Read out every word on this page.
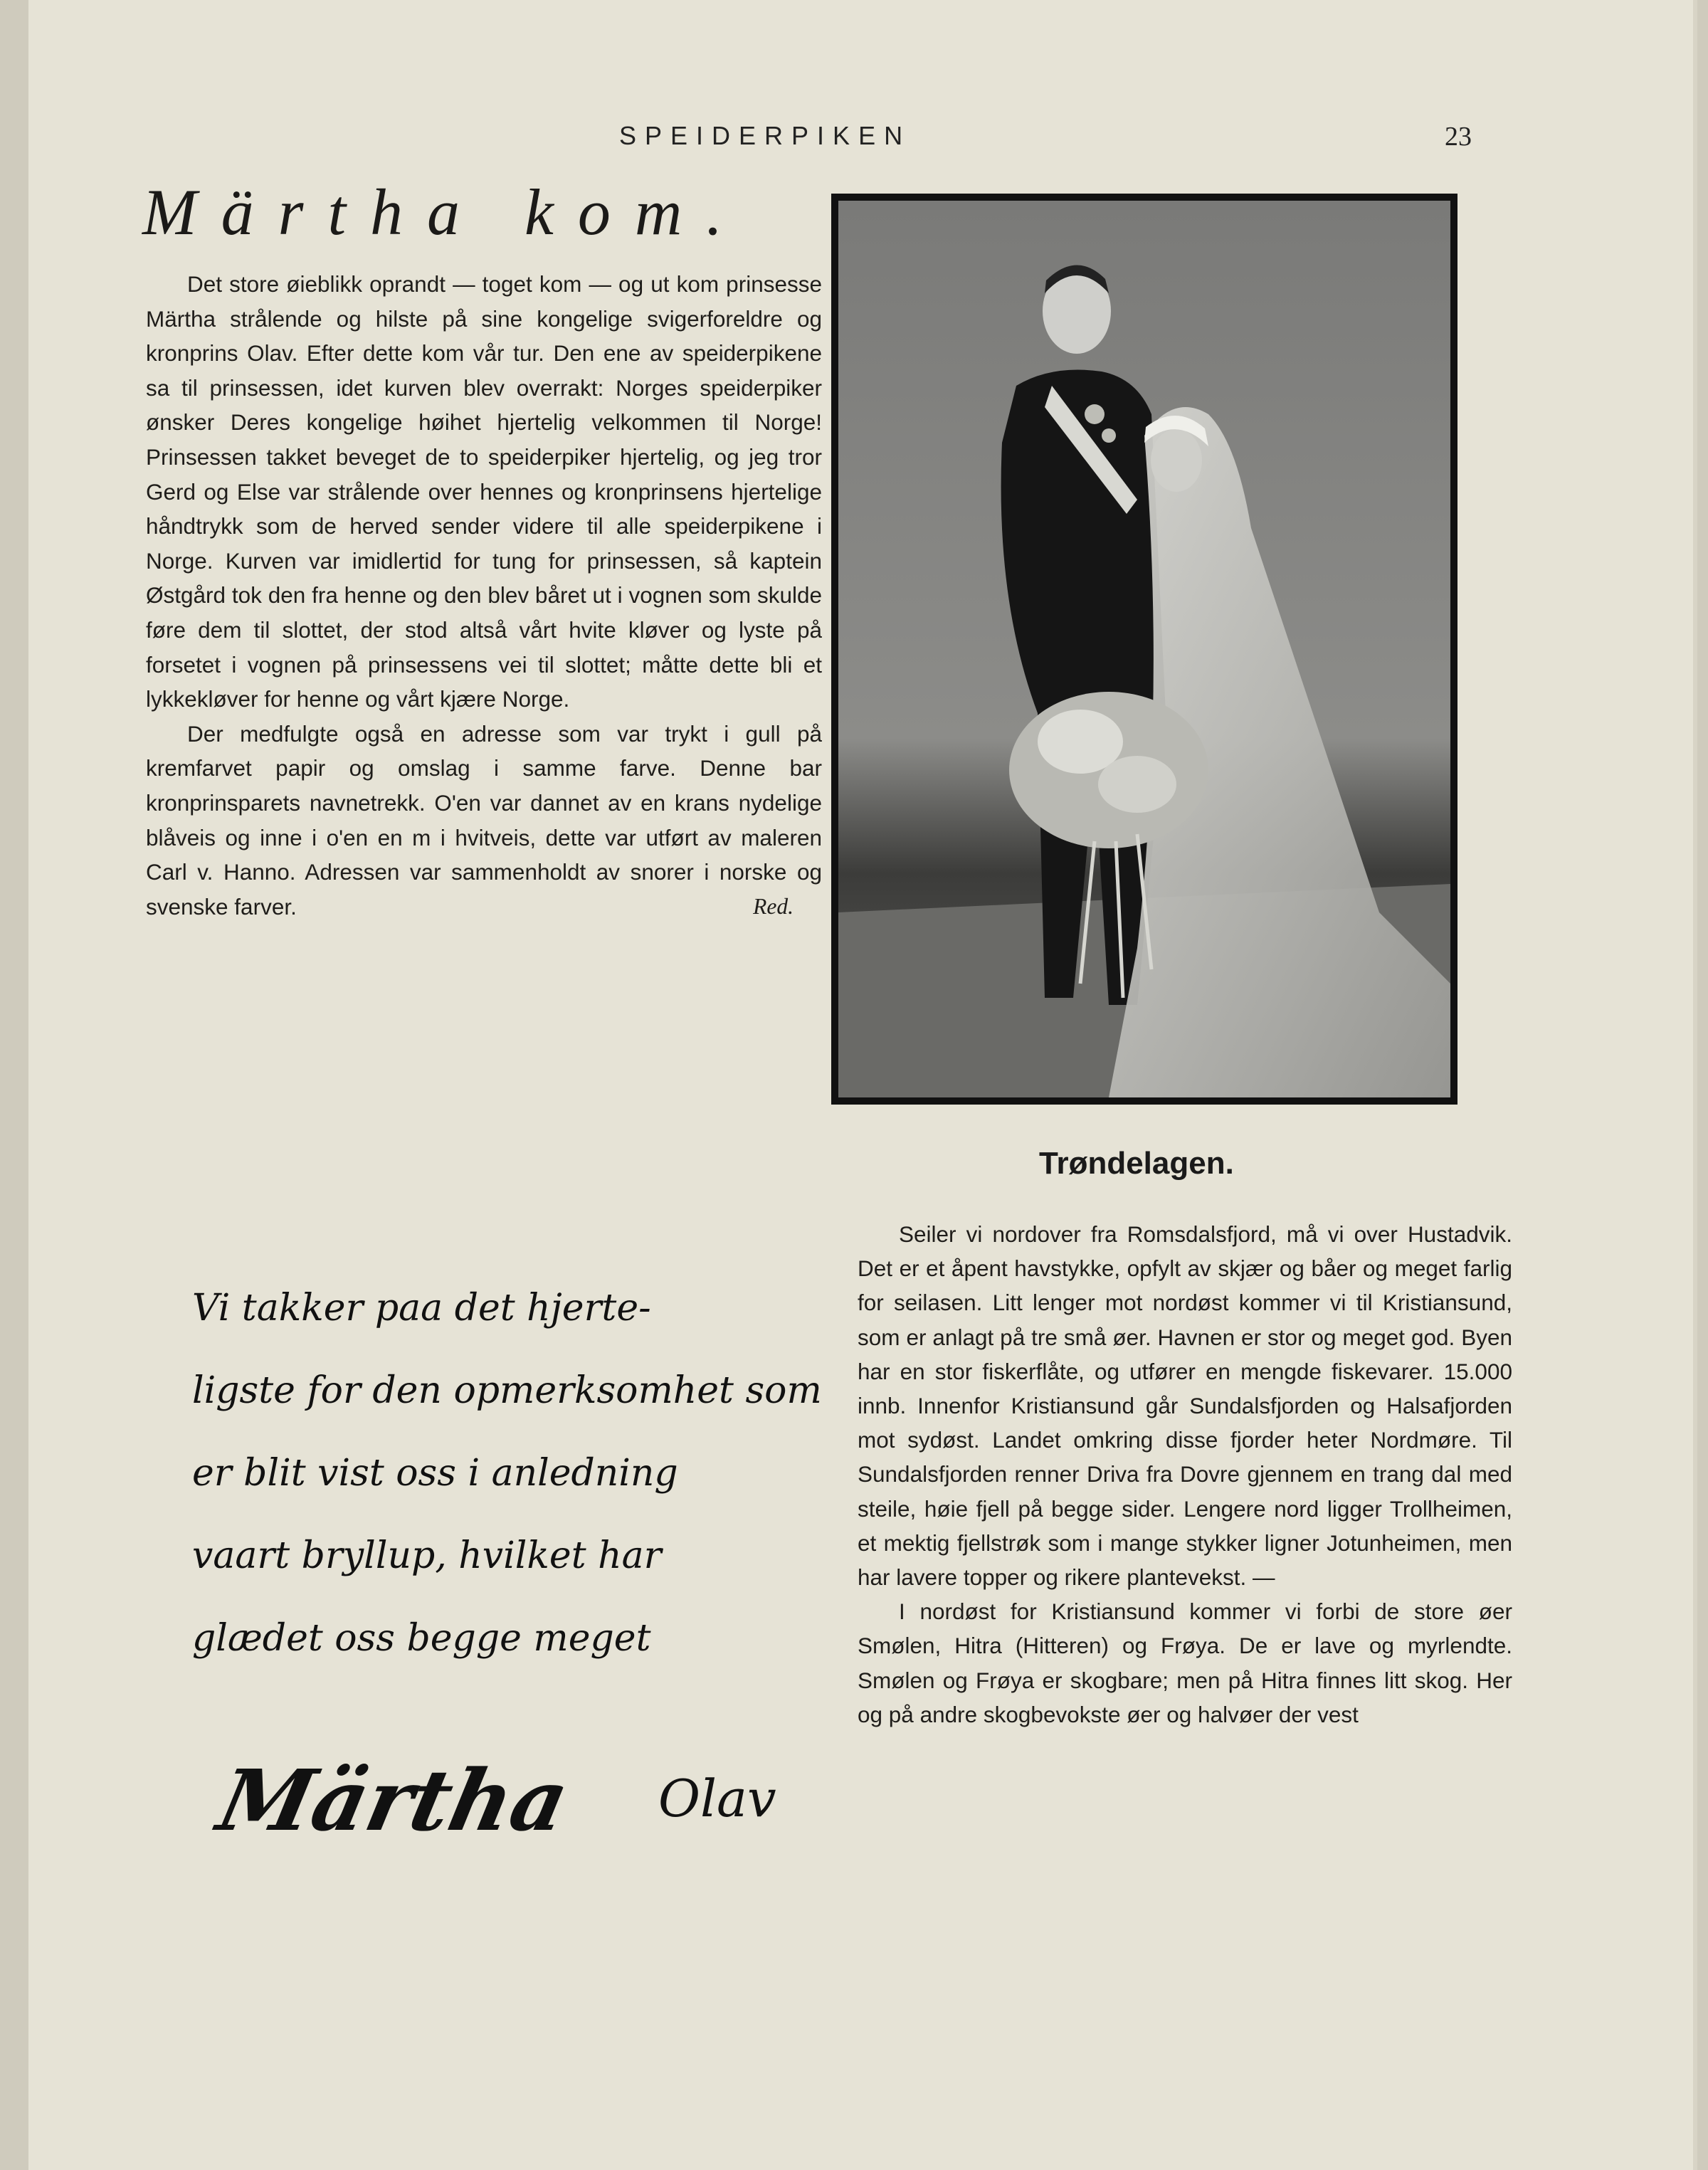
SPEIDERPIKEN	23
Märtha kom.

Det store øieblikk oprandt — toget kom — og ut kom prinsesse Märtha strålende og hilste på sine kongelige svigerforeldre og kronprins Olav. Efter dette kom vår tur. Den ene av speiderpikene sa til prinsessen, idet kurven blev overrakt: Norges speiderpiker ønsker Deres kongelige høihet hjertelig velkommen til Norge! Prinsessen takket beveget de to speiderpiker hjertelig, og jeg tror Gerd og Else var strålende over hennes og kronprinsens hjertelige håndtrykk som de herved sender videre til alle speiderpikene i Norge. Kurven var imidlertid for tung for prinsessen, så kaptein Østgård tok den fra henne og den blev båret ut i vognen som skulde føre dem til slottet, der stod altså vårt hvite kløver og lyste på forsetet i vognen på prinsessens vei til slottet; måtte dette bli et lykkekløver for henne og vårt kjære Norge.

Der medfulgte også en adresse som var trykt i gull på kremfarvet papir og omslag i samme farve. Denne bar kronprinsparets navnetrekk. O'en var dannet av en krans nydelige blåveis og inne i o'en en m i hvitveis, dette var utført av maleren Carl v. Hanno. Adressen var sammenholdt av snorer i norske og svenske farver.	Red.

Vi takker paa det hjerte-
ligste for den opmerksomhet som
er blit vist oss i anledning
vaart bryllup, hvilket har
glædet oss begge meget
Märtha Olav
Trøndelagen.

Seiler vi nordover fra Romsdalsfjord, må vi over Hustadvik. Det er et åpent havstykke, opfylt av skjær og båer og meget farlig for seilasen. Litt lenger mot nordøst kommer vi til Kristiansund, som er anlagt på tre små øer. Havnen er stor og meget god. Byen har en stor fiskerflåte, og utfører en mengde fiskevarer. 15.000 innb. Innenfor Kristiansund går Sundalsfjorden og Halsafjorden mot sydøst. Landet omkring disse fjorder heter Nordmøre. Til Sundalsfjorden renner Driva fra Dovre gjennem en trang dal med steile, høie fjell på begge sider. Lengere nord ligger Trollheimen, et mektig fjellstrøk som i mange stykker ligner Jotunheimen, men har lavere topper og rikere plantevekst. —

I nordøst for Kristiansund kommer vi forbi de store øer Smølen, Hitra (Hitteren) og Frøya. De er lave og myrlendte. Smølen og Frøya er skogbare; men på Hitra finnes litt skog. Her og på andre skogbevokste øer og halvøer der vest
